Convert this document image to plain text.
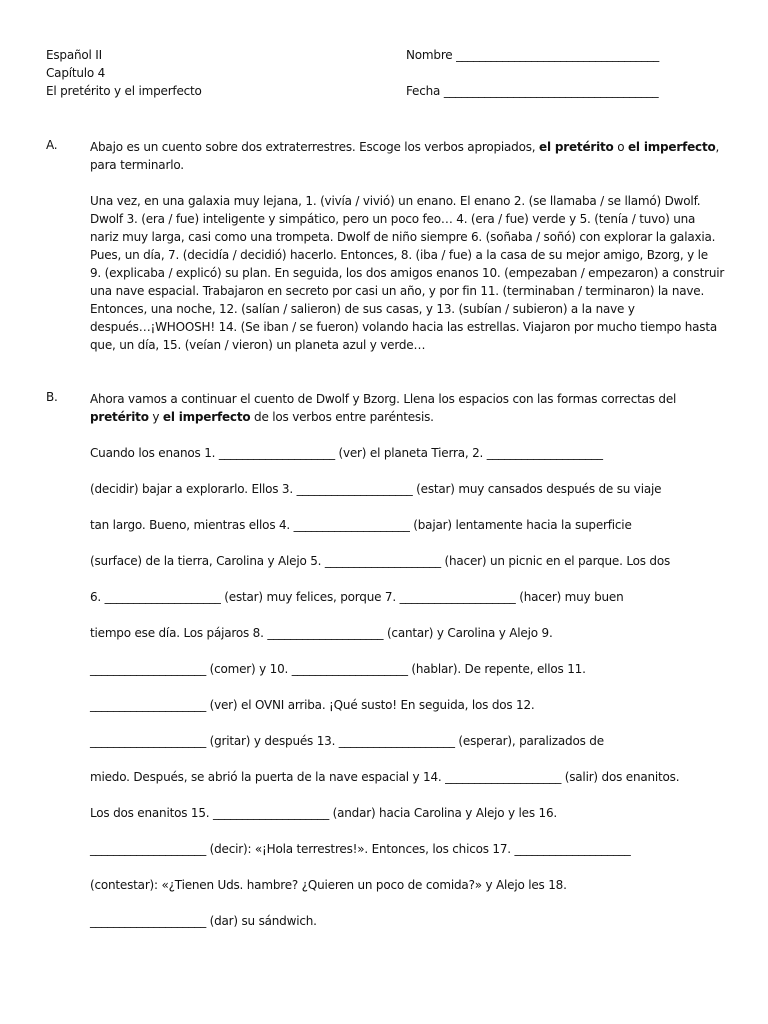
Español II
Capítulo 4
El pretérito y el imperfecto
Nombre ___________________________________
Fecha _____________________________________
A.	Abajo es un cuento sobre dos extraterrestres. Escoge los verbos apropiados, el pretérito o el imperfecto,
para terminarlo.
Una vez, en una galaxia muy lejana, 1. (vivía / vivió) un enano. El enano 2. (se llamaba / se llamó) Dwolf.
Dwolf 3. (era / fue) inteligente y simpático, pero un poco feo… 4. (era / fue) verde y 5. (tenía / tuvo) una
nariz muy larga, casi como una trompeta. Dwolf de niño siempre 6. (soñaba / soñó) con explorar la galaxia.
Pues, un día, 7. (decidía / decidió) hacerlo. Entonces, 8. (iba / fue) a la casa de su mejor amigo, Bzorg, y le
9. (explicaba / explicó) su plan. En seguida, los dos amigos enanos 10. (empezaban / empezaron) a construir
una nave espacial. Trabajaron en secreto por casi un año, y por fin 11. (terminaban / terminaron) la nave.
Entonces, una noche, 12. (salían / salieron) de sus casas, y 13. (subían / subieron) a la nave y
después…¡WHOOSH! 14. (Se iban / se fueron) volando hacia las estrellas. Viajaron por mucho tiempo hasta
que, un día, 15. (veían / vieron) un planeta azul y verde…
B.	Ahora vamos a continuar el cuento de Dwolf y Bzorg. Llena los espacios con las formas correctas del
pretérito y el imperfecto de los verbos entre paréntesis.
Cuando los enanos 1. ____________________ (ver) el planeta Tierra, 2. ____________________
(decidir) bajar a explorarlo. Ellos 3. ____________________ (estar) muy cansados después de su viaje
tan largo. Bueno, mientras ellos 4. ____________________ (bajar) lentamente hacia la superficie
(surface) de la tierra, Carolina y Alejo 5. ____________________ (hacer) un picnic en el parque. Los dos
6. ____________________ (estar) muy felices, porque 7. ____________________ (hacer) muy buen
tiempo ese día. Los pájaros 8. ____________________ (cantar) y Carolina y Alejo 9.
____________________ (comer) y 10. ____________________ (hablar). De repente, ellos 11.
____________________ (ver) el OVNI arriba. ¡Qué susto! En seguida, los dos 12.
____________________ (gritar) y después 13. ____________________ (esperar), paralizados de
miedo. Después, se abrió la puerta de la nave espacial y 14. ____________________ (salir) dos enanitos.
Los dos enanitos 15. ____________________ (andar) hacia Carolina y Alejo y les 16.
____________________ (decir): «¡Hola terrestres!». Entonces, los chicos 17. ____________________
(contestar): «¿Tienen Uds. hambre? ¿Quieren un poco de comida?» y Alejo les 18.
____________________ (dar) su sándwich.
